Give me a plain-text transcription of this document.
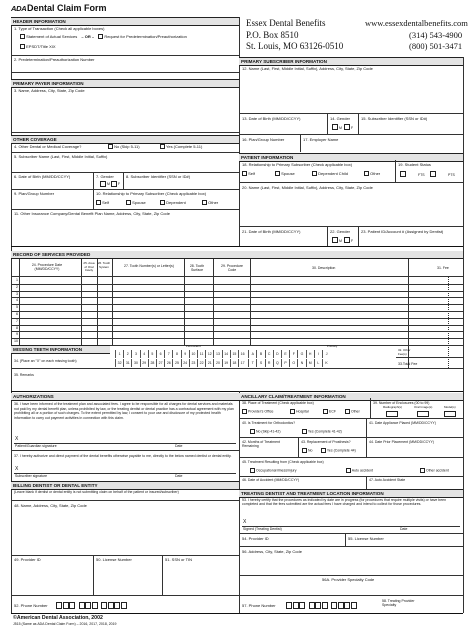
ADA Dental Claim Form
Essex Dental Benefits	www.essexdentalbenefits.com
P.O. Box 8510	(314) 543-4900
St. Louis, MO 63126-0510	(800) 501-3471
HEADER INFORMATION
1. Type of Transaction (Check all applicable boxes)
Statement of Actual Services – OR –	Request for Predetermination/Preauthorization
EPSDT/Title XIX
2. Predetermination/Preauthorization Number
PRIMARY PAYER INFORMATION
3. Name, Address, City, State, Zip Code
OTHER COVERAGE
4. Other Dental or Medical Coverage?	No (Skip 5-11)	Yes (Complete 5-11)
5. Subscriber Name (Last, First, Middle Initial, Suffix)
6. Date of Birth (MM/DD/CCYY)	7. Gender
M F
8. Subscriber Identifier (SSN or ID#)
9. Plan/Group Number	10. Relationship to Primary Subscriber (Check applicable box)
Self	Spouse	Dependent	Other
11. Other Insurance Company/Dental Benefit Plan Name, Address, City, State, Zip Code
PRIMARY SUBSCRIBER INFORMATION
12. Name (Last, First, Middle Initial, Suffix), Address, City, State, Zip Code
13. Date of Birth (MM/DD/CCYY)	14. Gender
M	F
15. Subscriber Identifier (SSN or ID#)
16. Plan/Group Number	17. Employer Name
PATIENT INFORMATION
18. Relationship to Primary Subscriber (Check applicable box)
Self	Spouse	Dependent Child	Other
19. Student Status
FTS	PTS
20. Name (Last, First, Middle Initial, Suffix), Address, City, State, Zip Code
21. Date of Birth (MM/DD/CCYY)	22. Gender
M	F
23. Patient ID/Account # (Assigned by Dentist)
RECORD OF SERVICES PROVIDED
24. Procedure Date (MM/DD/CCYY)
25. Area of Oral Cavity
26. Tooth System	27. Tooth Number(s) or Letter(s)	28. Tooth Surface
29. Procedure Code	30. Description	31. Fee
1
2
3
4
5
6
7
8
9
10
MISSING TEETH INFORMATION
Permanent	Primary
34. (Place an "X" on each missing tooth)
1	2	3	4	5	6	7	8	9	10	11	12	13	14	15	16
32	31	30	29	28	27	26	25	24	23	22	21	20	19	18	17
A	B	C	D	E	F	G	H	I	J
T	S	R	Q	P	O	N	M	L	K
32. Other Fee(s)
33.Total Fee
35. Remarks
AUTHORIZATIONS
36. I have been informed of the treatment plan and associated fees. I agree to be responsible for all charges for dental services and materials not paid by my dental benefit plan, unless prohibited by law, or the treating dentist or dental practice has a contractual agreement with my plan prohibiting all or a portion of such charges. To the extent permitted by law, I consent to your use and disclosure of my protected health information to carry out payment activities in connection with this claim.
X
Patient/Guardian signature	Date
37. I hereby authorize and direct payment of the dental benefits otherwise payable to me, directly to the below named dentist or dental entity.
X
Subscriber signature	Date
BILLING DENTIST OR DENTAL ENTITY
(Leave blank if dentist or dental entity is not submitting claim on behalf of the patient or insured/subscriber)
48. Name, Address, City, State, Zip Code
49. Provider ID	50. License Number	51. SSN or TIN
52. Phone Number
ANCILLARY CLAIM/TREATMENT INFORMATION
38. Place of Treatment (Check applicable box)
Provider's Office	Hospital	ECF	Other
39. Number of Enclosures (00 to 99)
Radiograph(s)	Oral Image(s)	Model(s)
40. Is Treatment for Orthodontics?
No (Skip 41-42)	Yes (Complete 41-42)
41. Date Appliance Placed (MM/DD/CCYY)
42. Months of Treatment Remaining
43. Replacement of Prosthesis?
No	Yes (Complete 44)
44. Date Prior Placement (MM/DD/CCYY)
45. Treatment Resulting from (Check applicable box)
Occupational illness/injury	Auto accident	Other accident
46. Date of Accident (MM/DD/CCYY)	47. Auto Accident State
TREATING DENTIST AND TREATMENT LOCATION INFORMATION
53. I hereby certify that the procedures as indicated by date are in progress (for procedures that require multiple visits) or have been completed and that the fees submitted are the actual fees I have charged and intend to collect for those procedures.
X
Signed (Treating Dentist)	Date
54. Provider ID	55. License Number
56. Address, City, State, Zip Code
56A. Provider Specialty Code
57. Phone Number
58. Treating Provider Specialty
©American Dental Association, 2002
J515 (Same as ADA Dental Claim Form) – 2016, 2017, 2018, 2019
